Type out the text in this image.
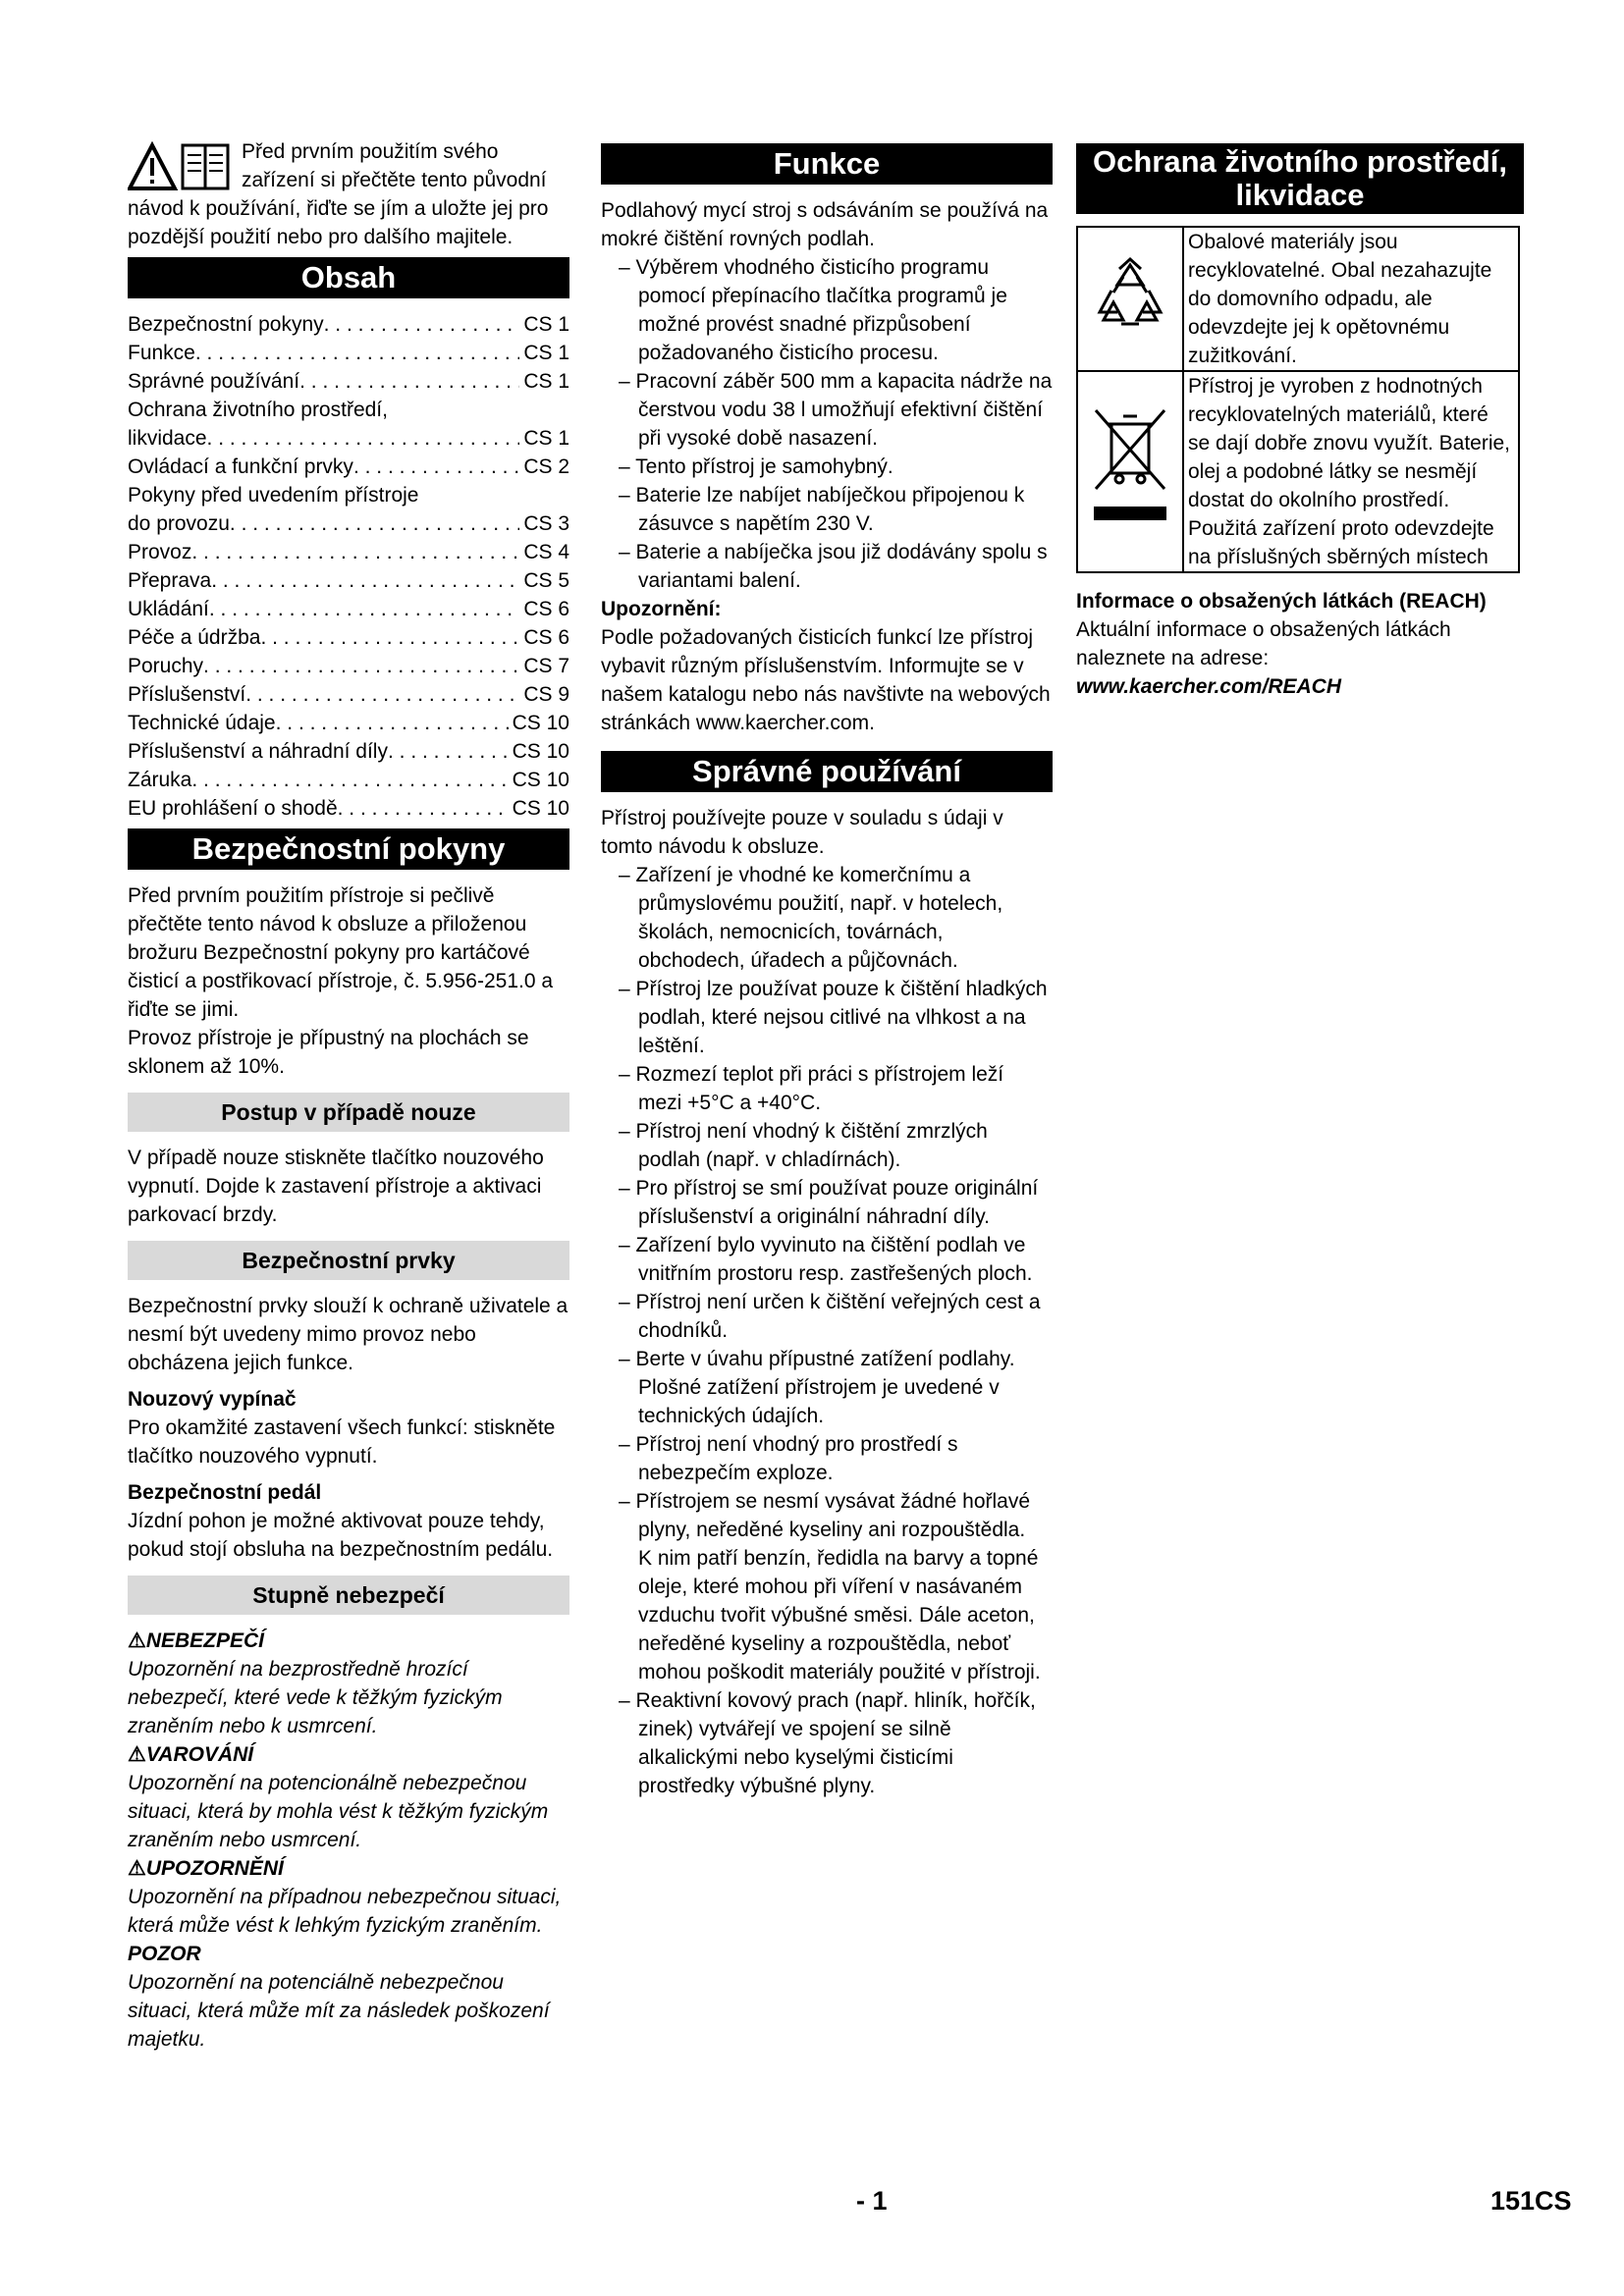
Před prvním použitím svého zařízení si přečtěte tento původní návod k používání, řiďte se jím a uložte jej pro pozdější použití nebo pro dalšího majitele.

Obsah
Bezpečnostní pokyny . . .	CS 1
Funkce . . .	CS 1
Správné používání . . .	CS 1
Ochrana životního prostředí,
likvidace . . .	CS 1
Ovládací a funkční prvky . . .	CS 2
Pokyny před uvedením přístroje
do provozu . . .	CS 3
Provoz . . .	CS 4
Přeprava . . .	CS 5
Ukládání . . .	CS 6
Péče a údržba . . .	CS 6
Poruchy . . .	CS 7
Příslušenství . . .	CS 9
Technické údaje . . .	CS 10
Příslušenství a náhradní díly . . .	CS 10
Záruka . . .	CS 10
EU prohlášení o shodě . . .	CS 10
Bezpečnostní pokyny

Před prvním použitím přístroje si pečlivě přečtěte tento návod k obsluze a přiloženou brožuru Bezpečnostní pokyny pro kartáčové čisticí a postřikovací přístroje, č. 5.956-251.0 a řiďte se jimi.

Provoz přístroje je přípustný na plochách se sklonem až 10%.

Postup v případě nouze

V případě nouze stiskněte tlačítko nouzového vypnutí. Dojde k zastavení přístroje a aktivaci parkovací brzdy.

Bezpečnostní prvky

Bezpečnostní prvky slouží k ochraně uživatele a nesmí být uvedeny mimo provoz nebo obcházena jejich funkce.

Nouzový vypínač

Pro okamžité zastavení všech funkcí: stiskněte tlačítko nouzového vypnutí.

Bezpečnostní pedál

Jízdní pohon je možné aktivovat pouze tehdy, pokud stojí obsluha na bezpečnostním pedálu.

Stupně nebezpečí
⚠NEBEZPEČÍ

Upozornění na bezprostředně hrozící nebezpečí, které vede k těžkým fyzickým zraněním nebo k usmrcení.

⚠VAROVÁNÍ

Upozornění na potencionálně nebezpečnou situaci, která by mohla vést k těžkým fyzickým zraněním nebo usmrcení.

⚠UPOZORNĚNÍ

Upozornění na případnou nebezpečnou situaci, která může vést k lehkým fyzickým zraněním.

POZOR

Upozornění na potenciálně nebezpečnou situaci, která může mít za následek poškození majetku.

Funkce

Podlahový mycí stroj s odsáváním se používá na mokré čištění rovných podlah.

– Výběrem vhodného čisticího programu pomocí přepínacího tlačítka programů je možné provést snadné přizpůsobení požadovaného čisticího procesu.
– Pracovní záběr 500 mm a kapacita nádrže na čerstvou vodu 38 l umožňují efektivní čištění při vysoké době nasazení.
– Tento přístroj je samohybný.
– Baterie lze nabíjet nabíječkou připojenou k zásuvce s napětím 230 V.
– Baterie a nabíječka jsou již dodávány spolu s variantami balení.

Upozornění:

Podle požadovaných čisticích funkcí lze přístroj vybavit různým příslušenstvím. Informujte se v našem katalogu nebo nás navštivte na webových stránkách www.kaercher.com.

Správné používání

Přístroj používejte pouze v souladu s údaji v tomto návodu k obsluze.

– Zařízení je vhodné ke komerčnímu a průmyslovému použití, např. v hotelech, školách, nemocnicích, továrnách, obchodech, úřadech a půjčovnách.
– Přístroj lze používat pouze k čištění hladkých podlah, které nejsou citlivé na vlhkost a na leštění.
– Rozmezí teplot při práci s přístrojem leží mezi +5°C a +40°C.
– Přístroj není vhodný k čištění zmrzlých podlah (např. v chladírnách).
– Pro přístroj se smí používat pouze originální příslušenství a originální náhradní díly.
– Zařízení bylo vyvinuto na čištění podlah ve vnitřním prostoru resp. zastřešených ploch.
– Přístroj není určen k čištění veřejných cest a chodníků.
– Berte v úvahu přípustné zatížení podlahy.
Plošné zatížení přístrojem je uvedené v technických údajích.
– Přístroj není vhodný pro prostředí s nebezpečím exploze.
– Přístrojem se nesmí vysávat žádné hořlavé plyny, neředěné kyseliny ani rozpouštědla.
K nim patří benzín, ředidla na barvy a topné oleje, které mohou při víření v nasávaném vzduchu tvořit výbušné směsi. Dále aceton, neředěné kyseliny a rozpouštědla, neboť mohou poškodit materiály použité v přístroji.
– Reaktivní kovový prach (např. hliník, hořčík, zinek) vytvářejí ve spojení se silně alkalickými nebo kyselými čisticími prostředky výbušné plyny.
Ochrana životního prostředí, likvidace
	Obalové materiály jsou recyklovatelné. Obal nezahazujte do domovního odpadu, ale odevzdejte jej k opětovnému zužitkování.
	Přístroj je vyroben z hodnotných recyklovatelných materiálů, které se dají dobře znovu využít. Baterie, olej a podobné látky se nesmějí dostat do okolního prostředí. Použitá zařízení proto odevzdejte na příslušných sběrných místech

Informace o obsažených látkách (REACH)

Aktuální informace o obsažených látkách naleznete na adrese:

www.kaercher.com/REACH

- 1	151CS
